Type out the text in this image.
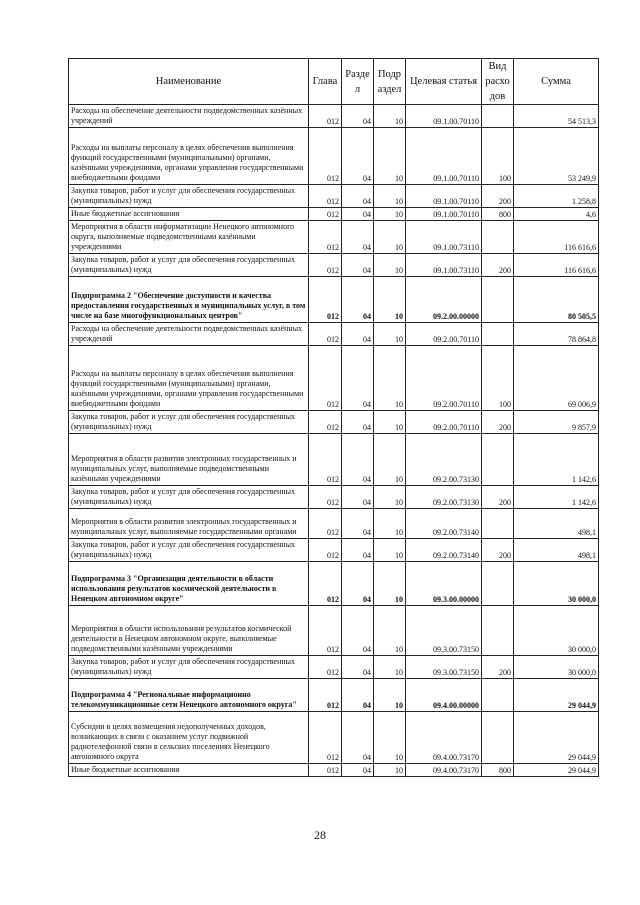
Наименование	Глава	Разде л	Подр аздел	Целевая статья	Вид расхо дов	Сумма
Расходы на обеспечение деятельности подведомственных казённых учреждений	012	04	10	09.1.00.70110		54 513,3
Расходы на выплаты персоналу в целях обеспечения выполнения функций государственными (муниципальными) органами, казёнными учреждениями, органами управления государственными внебюджетными фондами	012	04	10	09.1.00.70110	100	53 249,9
Закупка товаров, работ и услуг для обеспечения государственных (муниципальных) нужд	012	04	10	09.1.00.70110	200	1 258,8
Иные бюджетные ассигнования	012	04	10	09.1.00.70110	800	4,6
Мероприятия в области информатизации Ненецкого автономного округа, выполняемые подведомственными казёнными учреждениями	012	04	10	09.1.00.73110		116 616,6
Закупка товаров, работ и услуг для обеспечения государственных (муниципальных) нужд	012	04	10	09.1.00.73110	200	116 616,6
Подпрограмма 2 "Обеспечение доступности и качества предоставления государственных и муниципальных услуг, в том числе на базе многофункциональных центров"	012	04	10	09.2.00.00000		80 505,5
Расходы на обеспечение деятельности подведомственных казённых учреждений	012	04	10	09.2.00.70110		78 864,8
Расходы на выплаты персоналу в целях обеспечения выполнения функций государственными (муниципальными) органами, казёнными учреждениями, органами управления государственными внебюджетными фондами	012	04	10	09.2.00.70110	100	69 006,9
Закупка товаров, работ и услуг для обеспечения государственных (муниципальных) нужд	012	04	10	09.2.00.70110	200	9 857,9
Мероприятия в области развития электронных государственных и муниципальных услуг, выполняемые подведомственными казёнными учреждениями	012	04	10	09.2.00.73130		1 142,6
Закупка товаров, работ и услуг для обеспечения государственных (муниципальных) нужд	012	04	10	09.2.00.73130	200	1 142,6
Мероприятия в области развития электронных государственных и муниципальных услуг, выполняемые государственными органами	012	04	10	09.2.00.73140		498,1
Закупка товаров, работ и услуг для обеспечения государственных (муниципальных) нужд	012	04	10	09.2.00.73140	200	498,1
Подпрограмма 3 "Организация деятельности в области использования результатов космической деятельности в Ненецком автономном округе"	012	04	10	09.3.00.00000		30 000,0
Мероприятия в области использования результатов космической деятельности в Ненецком автономном округе, выполняемые подведомственными казёнными учреждениями	012	04	10	09.3.00.73150		30 000,0
Закупка товаров, работ и услуг для обеспечения государственных (муниципальных) нужд	012	04	10	09.3.00.73150	200	30 000,0
Подпрограмма 4 "Региональные информационно телекоммуникационные сети Ненецкого автономного округа"	012	04	10	09.4.00.00000		29 044,9
Субсидии в целях возмещения недополученных доходов, возникающих в связи с оказанием услуг подвижной радиотелефонной связи в сельских поселениях Ненецкого автономного округа	012	04	10	09.4.00.73170		29 044,9
Иные бюджетные ассигнования	012	04	10	09.4.00.73170	800	29 044,9
28
